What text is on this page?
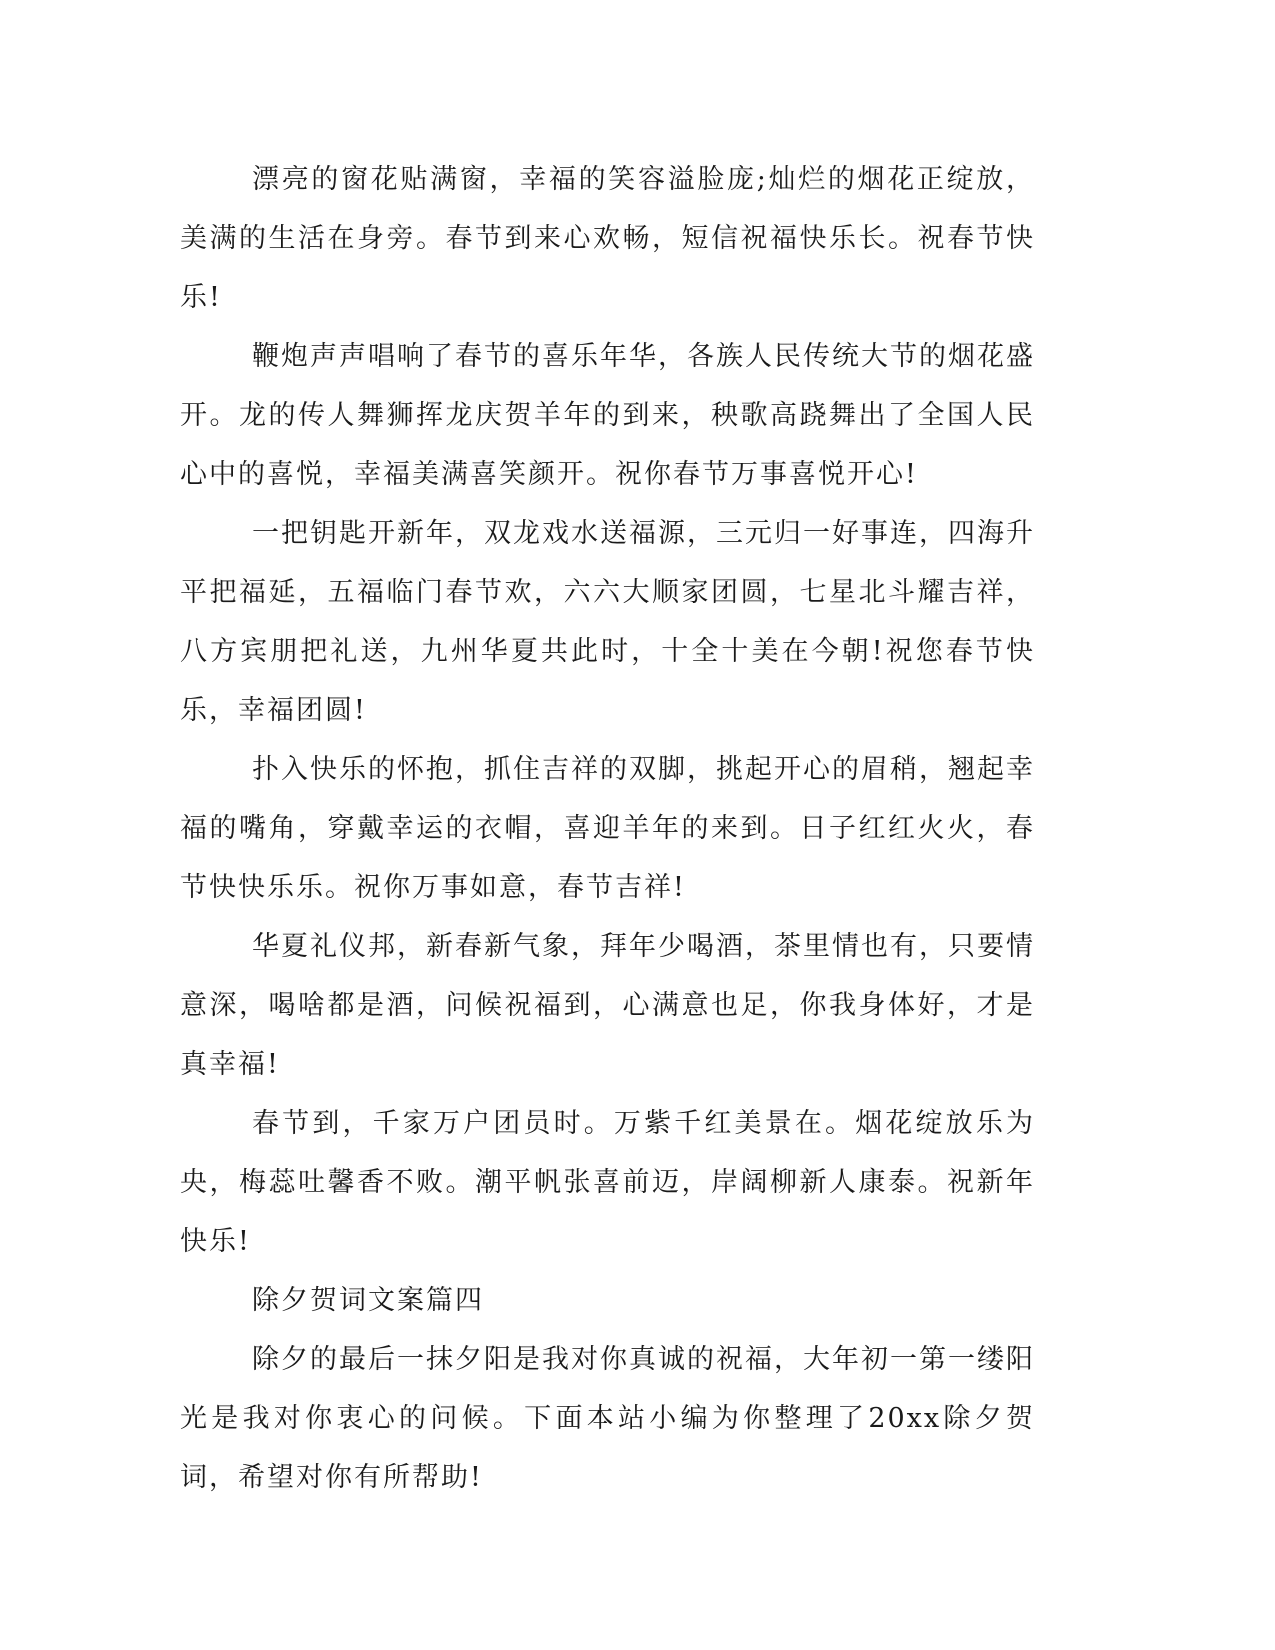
漂亮的窗花贴满窗，幸福的笑容溢脸庞;灿烂的烟花正绽放，美满的生活在身旁。春节到来心欢畅，短信祝福快乐长。祝春节快乐!

鞭炮声声唱响了春节的喜乐年华，各族人民传统大节的烟花盛开。龙的传人舞狮挥龙庆贺羊年的到来，秧歌高跷舞出了全国人民心中的喜悦，幸福美满喜笑颜开。祝你春节万事喜悦开心!

一把钥匙开新年，双龙戏水送福源，三元归一好事连，四海升平把福延，五福临门春节欢，六六大顺家团圆，七星北斗耀吉祥，八方宾朋把礼送，九州华夏共此时，十全十美在今朝!祝您春节快乐，幸福团圆!

扑入快乐的怀抱，抓住吉祥的双脚，挑起开心的眉稍，翘起幸福的嘴角，穿戴幸运的衣帽，喜迎羊年的来到。日子红红火火，春节快快乐乐。祝你万事如意，春节吉祥!

华夏礼仪邦，新春新气象，拜年少喝酒，茶里情也有，只要情意深，喝啥都是酒，问候祝福到，心满意也足，你我身体好，才是真幸福!

春节到，千家万户团员时。万紫千红美景在。烟花绽放乐为央，梅蕊吐馨香不败。潮平帆张喜前迈，岸阔柳新人康泰。祝新年快乐!

除夕贺词文案篇四

除夕的最后一抹夕阳是我对你真诚的祝福，大年初一第一缕阳光是我对你衷心的问候。下面本站小编为你整理了20xx除夕贺词，希望对你有所帮助!
